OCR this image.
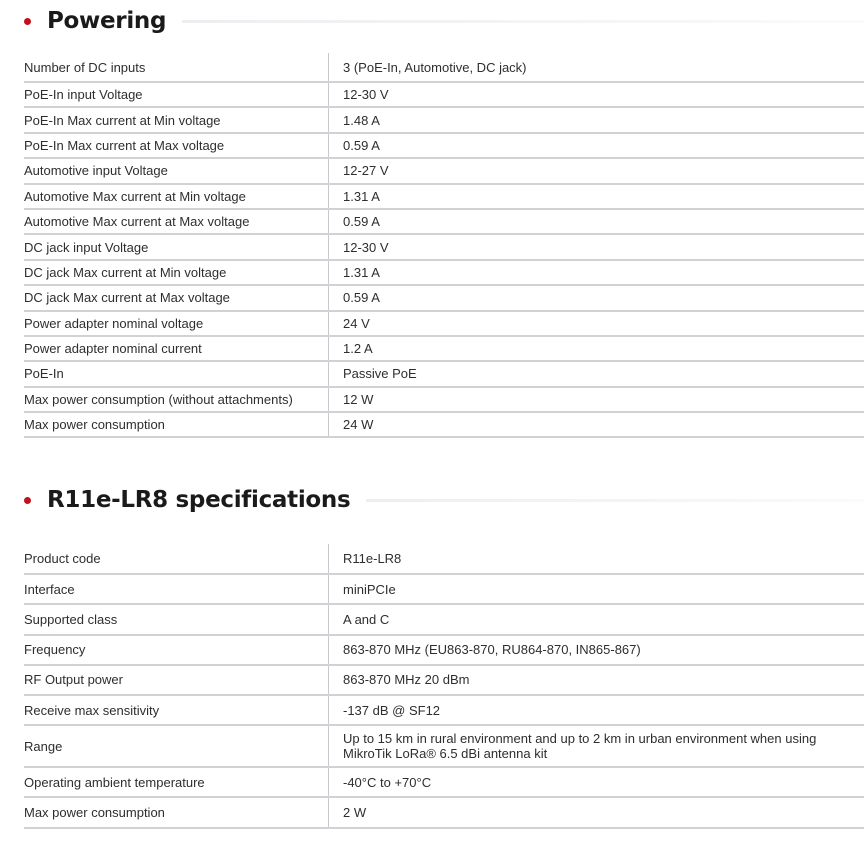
Powering
Number of DC inputs	3 (PoE-In, Automotive, DC jack)
PoE-In input Voltage	12-30 V
PoE-In Max current at Min voltage	1.48 A
PoE-In Max current at Max voltage	0.59 A
Automotive input Voltage	12-27 V
Automotive Max current at Min voltage	1.31 A
Automotive Max current at Max voltage	0.59 A
DC jack input Voltage	12-30 V
DC jack Max current at Min voltage	1.31 A
DC jack Max current at Max voltage	0.59 A
Power adapter nominal voltage	24 V
Power adapter nominal current	1.2 A
PoE-In	Passive PoE
Max power consumption (without attachments)	12 W
Max power consumption	24 W
R11e-LR8 specifications
Product code	R11e-LR8
Interface	miniPCIe
Supported class	A and C
Frequency	863-870 MHz (EU863-870, RU864-870, IN865-867)
RF Output power	863-870 MHz 20 dBm
Receive max sensitivity	-137 dB @ SF12
Range	Up to 15 km in rural environment and up to 2 km in urban environment when using MikroTik LoRa® 6.5 dBi antenna kit
Operating ambient temperature	-40°C to +70°C
Max power consumption	2 W
